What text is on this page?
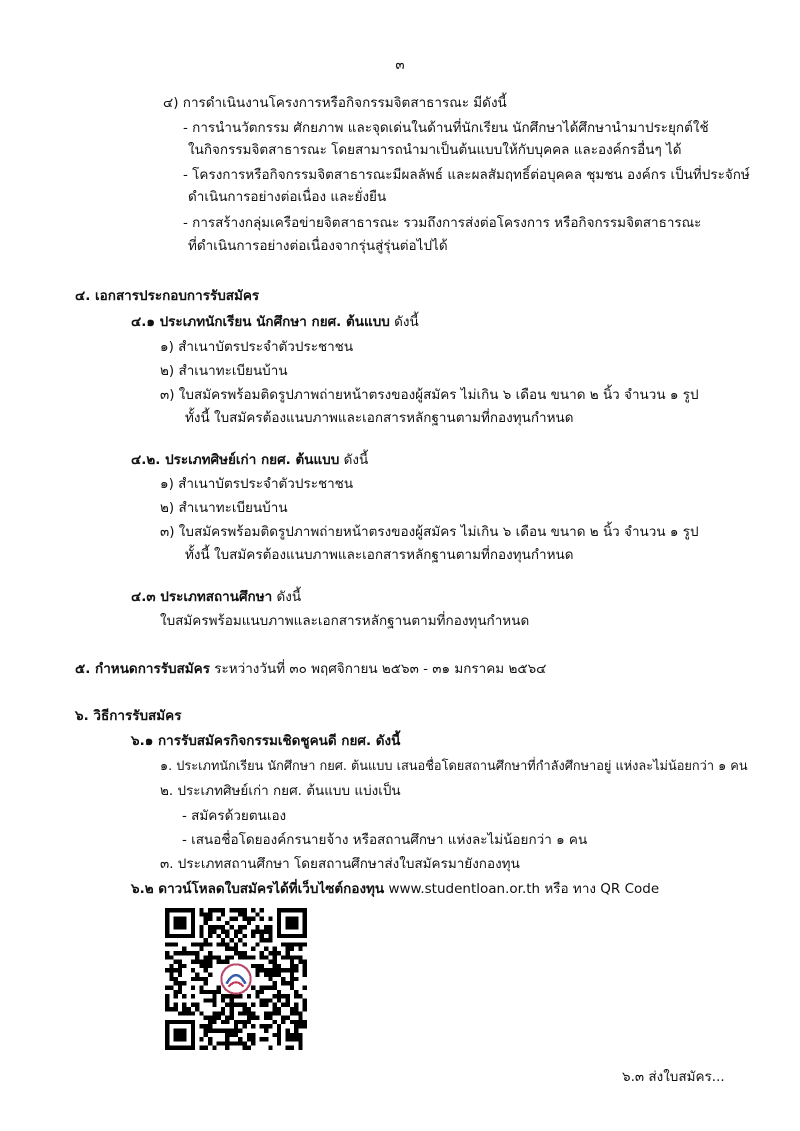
๓
๔) การดำเนินงานโครงการหรือกิจกรรมจิตสาธารณะ มีดังนี้
- การนำนวัตกรรม ศักยภาพ และจุดเด่นในด้านที่นักเรียน นักศึกษาได้ศึกษานำมาประยุกต์ใช้
ในกิจกรรมจิตสาธารณะ โดยสามารถนำมาเป็นต้นแบบให้กับบุคคล และองค์กรอื่นๆ ได้
- โครงการหรือกิจกรรมจิตสาธารณะมีผลลัพธ์ และผลสัมฤทธิ์ต่อบุคคล ชุมชน องค์กร เป็นที่ประจักษ์
ดำเนินการอย่างต่อเนื่อง และยั่งยืน
- การสร้างกลุ่มเครือข่ายจิตสาธารณะ รวมถึงการส่งต่อโครงการ หรือกิจกรรมจิตสาธารณะ
ที่ดำเนินการอย่างต่อเนื่องจากรุ่นสู่รุ่นต่อไปได้
๔. เอกสารประกอบการรับสมัคร
๔.๑ ประเภทนักเรียน นักศึกษา กยศ. ต้นแบบ ดังนี้
๑) สำเนาบัตรประจำตัวประชาชน
๒) สำเนาทะเบียนบ้าน
๓) ใบสมัครพร้อมติดรูปภาพถ่ายหน้าตรงของผู้สมัคร ไม่เกิน ๖ เดือน ขนาด ๒ นิ้ว จำนวน ๑ รูป
ทั้งนี้ ใบสมัครต้องแนบภาพและเอกสารหลักฐานตามที่กองทุนกำหนด
๔.๒. ประเภทศิษย์เก่า กยศ. ต้นแบบ ดังนี้
๑) สำเนาบัตรประจำตัวประชาชน
๒) สำเนาทะเบียนบ้าน
๓) ใบสมัครพร้อมติดรูปภาพถ่ายหน้าตรงของผู้สมัคร ไม่เกิน ๖ เดือน ขนาด ๒ นิ้ว จำนวน ๑ รูป
ทั้งนี้ ใบสมัครต้องแนบภาพและเอกสารหลักฐานตามที่กองทุนกำหนด
๔.๓ ประเภทสถานศึกษา ดังนี้
ใบสมัครพร้อมแนบภาพและเอกสารหลักฐานตามที่กองทุนกำหนด
๕. กำหนดการรับสมัคร ระหว่างวันที่ ๓๐ พฤศจิกายน ๒๕๖๓ - ๓๑ มกราคม ๒๕๖๔
๖. วิธีการรับสมัคร
๖.๑ การรับสมัครกิจกรรมเชิดชูคนดี กยศ. ดังนี้
๑. ประเภทนักเรียน นักศึกษา กยศ. ต้นแบบ เสนอชื่อโดยสถานศึกษาที่กำลังศึกษาอยู่ แห่งละไม่น้อยกว่า ๑ คน
๒. ประเภทศิษย์เก่า กยศ. ต้นแบบ แบ่งเป็น
- สมัครด้วยตนเอง
- เสนอชื่อโดยองค์กรนายจ้าง หรือสถานศึกษา แห่งละไม่น้อยกว่า ๑ คน
๓. ประเภทสถานศึกษา โดยสถานศึกษาส่งใบสมัครมายังกองทุน
๖.๒ ดาวน์โหลดใบสมัครได้ที่เว็บไซต์กองทุน www.studentloan.or.th หรือ ทาง QR Code
๖.๓ ส่งใบสมัคร...
